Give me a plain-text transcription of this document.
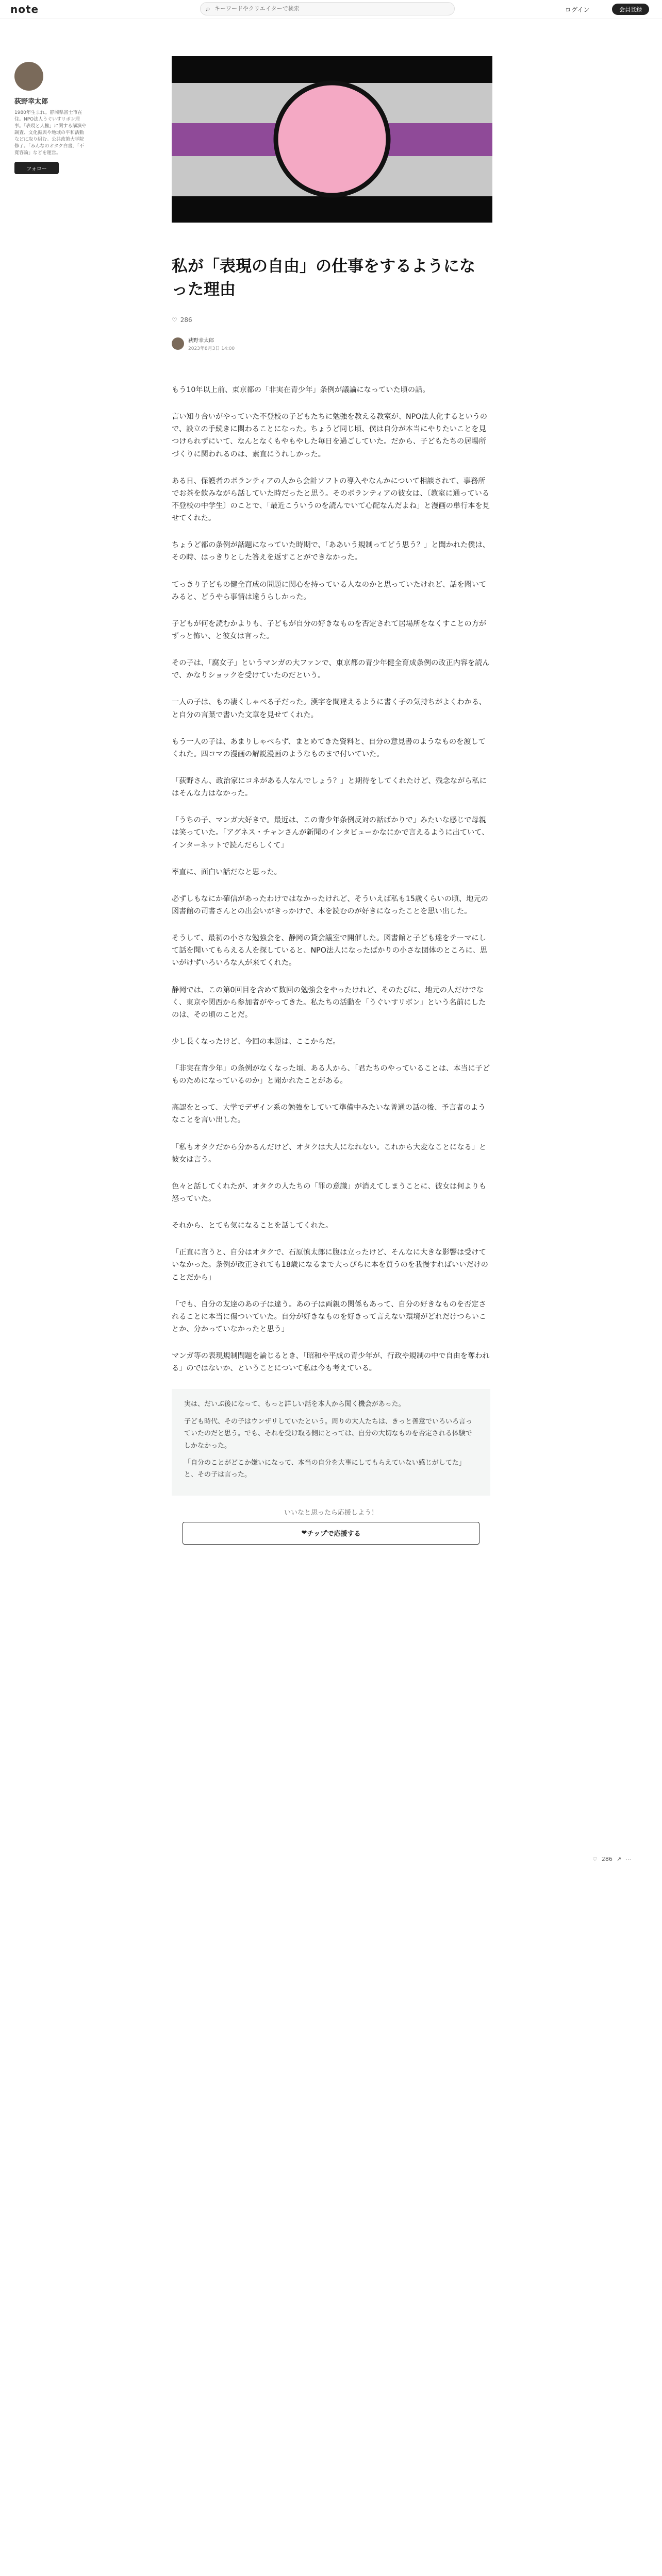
note	⌕
キーワードやクリエイターで検索	ログイン	会員登録
荻野幸太郎
1980年生まれ。静岡県富士市在住。NPO法人うぐいすリボン理事。「表現と人権」に関する講演や調査、文化振興や地域の平和活動などに取り組む。公共政策大学院修了。「みんなのオタク白書」「不寛容論」などを運営。
フォロー
私が「表現の自由」の仕事をするようになった理由
♡ 286
荻野幸太郎
2023年8月3日 14:00

もう10年以上前、東京都の「非実在青少年」条例が議論になっていた頃の話。

言い知り合いがやっていた不登校の子どもたちに勉強を教える教室が、NPO法人化するというので、設立の手続きに関わることになった。ちょうど同じ頃、僕は自分が本当にやりたいことを見つけられずにいて、なんとなくもやもやした毎日を過ごしていた。だから、子どもたちの居場所づくりに関われるのは、素直にうれしかった。

ある日、保護者のボランティアの人から会計ソフトの導入やなんかについて相談されて、事務所でお茶を飲みながら話していた時だったと思う。そのボランティアの彼女は、〔教室に通っている不登校の中学生〕のことで、「最近こういうのを読んでいて心配なんだよね」と漫画の単行本を見せてくれた。

ちょうど都の条例が話題になっていた時期で、「ああいう規制ってどう思う？」と聞かれた僕は、その時、はっきりとした答えを返すことができなかった。

てっきり子どもの健全育成の問題に関心を持っている人なのかと思っていたけれど、話を聞いてみると、どうやら事情は違うらしかった。

子どもが何を読むかよりも、子どもが自分の好きなものを否定されて居場所をなくすことの方がずっと怖い、と彼女は言った。

その子は、「腐女子」というマンガの大ファンで、東京都の青少年健全育成条例の改正内容を読んで、かなりショックを受けていたのだという。

一人の子は、もの凄くしゃべる子だった。漢字を間違えるように書く子の気持ちがよくわかる、と自分の言葉で書いた文章を見せてくれた。

もう一人の子は、あまりしゃべらず、まとめてきた資料と、自分の意見書のようなものを渡してくれた。四コマの漫画の解説漫画のようなものまで付いていた。

「荻野さん、政治家にコネがある人なんでしょう？」と期待をしてくれたけど、残念ながら私にはそんな力はなかった。

「うちの子、マンガ大好きで。最近は、この青少年条例反対の話ばかりで」みたいな感じで母親は笑っていた。「アグネス・チャンさんが新聞のインタビューかなにかで言えるように出ていて、インターネットで読んだらしくて」

率直に、面白い話だなと思った。

必ずしもなにか確信があったわけではなかったけれど、そういえば私も15歳くらいの頃、地元の図書館の司書さんとの出会いがきっかけで、本を読むのが好きになったことを思い出した。

そうして、最初の小さな勉強会を、静岡の貸会議室で開催した。図書館と子ども達をテーマにして話を聞いてもらえる人を探していると、NPO法人になったばかりの小さな団体のところに、思いがけずいろいろな人が来てくれた。

静岡では、この第0回目を含めて数回の勉強会をやったけれど、そのたびに、地元の人だけでなく、東京や関西から参加者がやってきた。私たちの活動を「うぐいすリボン」という名前にしたのは、その頃のことだ。

少し長くなったけど、今回の本題は、ここからだ。

「非実在青少年」の条例がなくなった頃、ある人から、「君たちのやっていることは、本当に子どものためになっているのか」と聞かれたことがある。

高認をとって、大学でデザイン系の勉強をしていて準備中みたいな普通の話の後、予言者のようなことを言い出した。

「私もオタクだから分かるんだけど、オタクは大人になれない。これから大変なことになる」と彼女は言う。

色々と話してくれたが、オタクの人たちの「罪の意識」が消えてしまうことに、彼女は何よりも怒っていた。

それから、とても気になることを話してくれた。

「正直に言うと、自分はオタクで、石原慎太郎に腹は立ったけど、そんなに大きな影響は受けていなかった。条例が改正されても18歳になるまで大っぴらに本を買うのを我慢すればいいだけのことだから」

「でも、自分の友達のあの子は違う。あの子は両親の関係もあって、自分の好きなものを否定されることに本当に傷ついていた。自分が好きなものを好きって言えない環境がどれだけつらいことか、分かっていなかったと思う」

マンガ等の表現規制問題を論じるとき、「昭和や平成の青少年が、行政や規制の中で自由を奪われる」のではないか、ということについて私は今も考えている。

実は、だいぶ後になって、もっと詳しい話を本人から聞く機会があった。

子ども時代、その子はウンザリしていたという。周りの大人たちは、きっと善意でいろいろ言っていたのだと思う。でも、それを受け取る側にとっては、自分の大切なものを否定される体験でしかなかった。

「自分のことがどこか嫌いになって、本当の自分を大事にしてもらえていない感じがしてた」と、その子は言った。

いいなと思ったら応援しよう！
❤ チップで応援する
♡ 286 ↗ ⋯
